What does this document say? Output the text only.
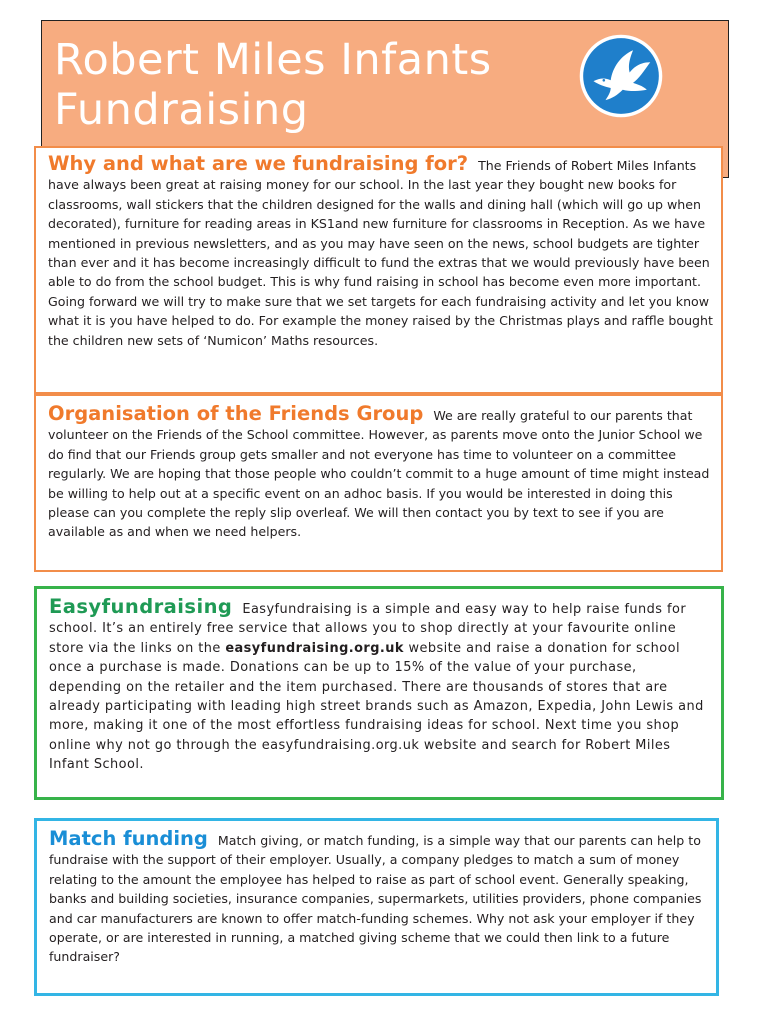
Robert Miles Infants
Fundraising

Why and what are we fundraising for? The Friends of Robert Miles Infants have always been great at raising money for our school. In the last year they bought new books for classrooms, wall stickers that the children designed for the walls and dining hall (which will go up when decorated), furniture for reading areas in KS1and new furniture for classrooms in Reception. As we have mentioned in previous newsletters, and as you may have seen on the news, school budgets are tighter than ever and it has become increasingly difficult to fund the extras that we would previously have been able to do from the school budget. This is why fund raising in school has become even more important. Going forward we will try to make sure that we set targets for each fundraising activity and let you know what it is you have helped to do. For example the money raised by the Christmas plays and raffle bought the children new sets of ‘Numicon’ Maths resources.

Organisation of the Friends Group We are really grateful to our parents that volunteer on the Friends of the School committee. However, as parents move onto the Junior School we do find that our Friends group gets smaller and not everyone has time to volunteer on a committee regularly. We are hoping that those people who couldn’t commit to a huge amount of time might instead be willing to help out at a specific event on an adhoc basis. If you would be interested in doing this please can you complete the reply slip overleaf. We will then contact you by text to see if you are available as and when we need helpers.

Easyfundraising Easyfundraising is a simple and easy way to help raise funds for school. It’s an entirely free service that allows you to shop directly at your favourite online store via the links on the easyfundraising.org.uk website and raise a donation for school once a purchase is made. Donations can be up to 15% of the value of your purchase, depending on the retailer and the item purchased. There are thousands of stores that are already participating with leading high street brands such as Amazon, Expedia, John Lewis and more, making it one of the most effortless fundraising ideas for school. Next time you shop online why not go through the easyfundraising.org.uk website and search for Robert Miles Infant School.

Match funding Match giving, or match funding, is a simple way that our parents can help to fundraise with the support of their employer. Usually, a company pledges to match a sum of money relating to the amount the employee has helped to raise as part of school event. Generally speaking, banks and building societies, insurance companies, supermarkets, utilities providers, phone companies and car manufacturers are known to offer match-funding schemes. Why not ask your employer if they operate, or are interested in running, a matched giving scheme that we could then link to a future fundraiser?
